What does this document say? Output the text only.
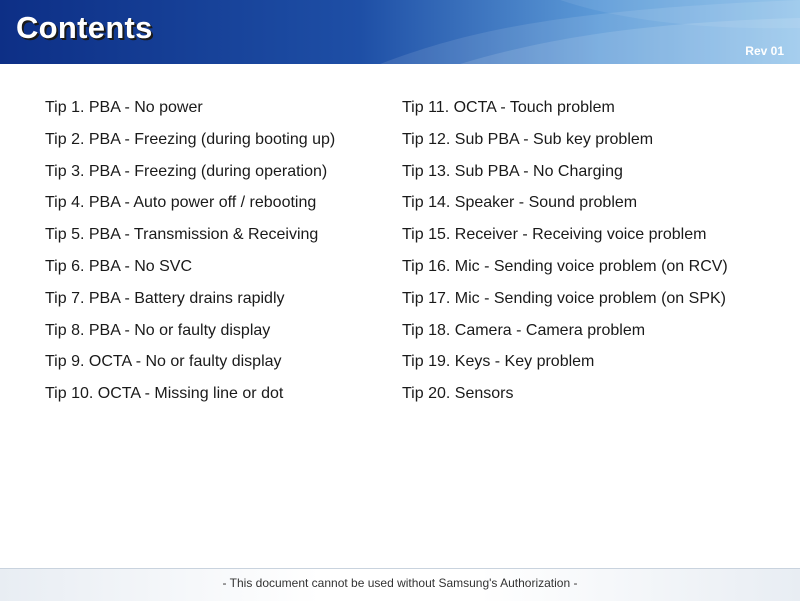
Contents
Rev 01
Tip 1. PBA - No power
Tip 2. PBA - Freezing (during booting up)
Tip 3. PBA - Freezing (during operation)
Tip 4. PBA - Auto power off / rebooting
Tip 5. PBA - Transmission & Receiving
Tip 6. PBA - No SVC
Tip 7. PBA - Battery drains rapidly
Tip 8. PBA - No or faulty display
Tip 9. OCTA - No or faulty display
Tip 10. OCTA - Missing line or dot
Tip 11. OCTA - Touch problem
Tip 12. Sub PBA - Sub key problem
Tip 13. Sub PBA - No Charging
Tip 14. Speaker - Sound problem
Tip 15. Receiver - Receiving voice problem
Tip 16. Mic - Sending voice problem (on RCV)
Tip 17. Mic - Sending voice problem (on SPK)
Tip 18. Camera - Camera problem
Tip 19. Keys - Key problem
Tip 20. Sensors
- This document cannot be used without Samsung's Authorization -
